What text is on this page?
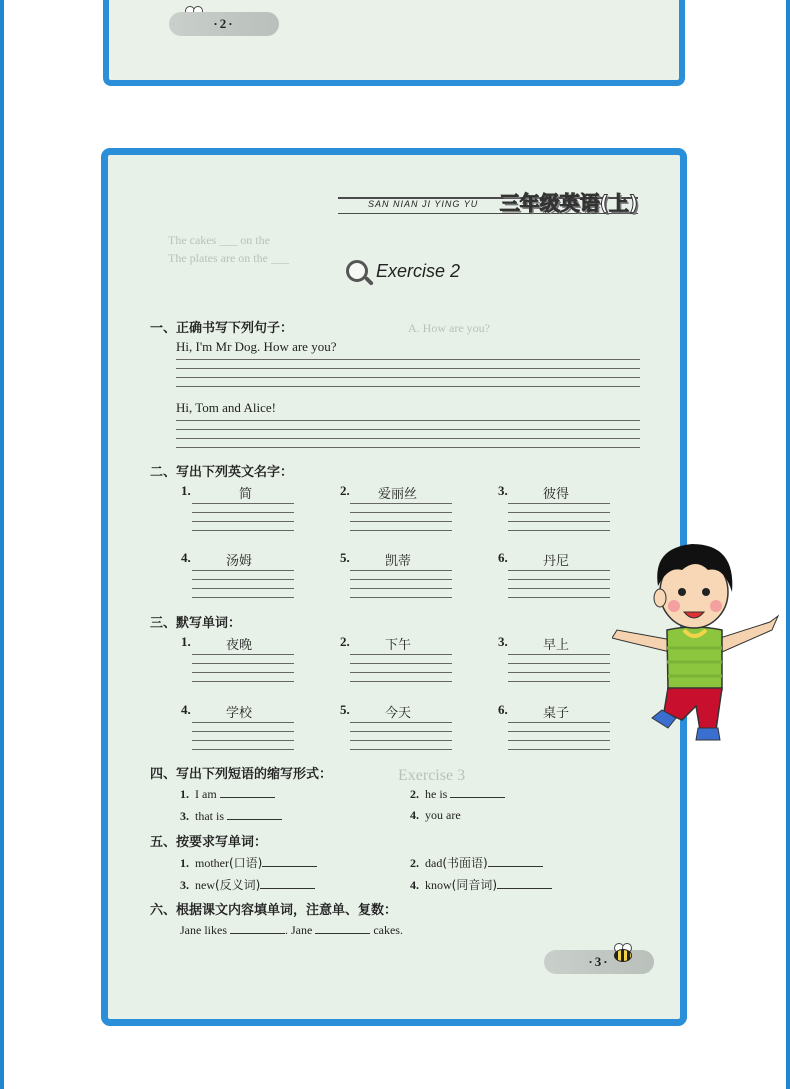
·2·
The cakes ___ on the
The plates are on the ___
A. How are you?
Exercise 3
SAN NIAN JI YING YU	三年级英语(上)
Exercise 2
一、正确书写下列句子：
Hi, I'm Mr Dog. How are you?
Hi, Tom and Alice!
二、写出下列英文名字：
1.	简	2. 爱丽丝	3.	彼得
4.	汤姆	5.	凯蒂	6.	丹尼
三、默写单词：
1.	夜晚	2.	下午	3.	早上
4.	学校	5.	今天	6.	桌子
四、写出下列短语的缩写形式：
1. I am	2. he is
3. that is	4. you are
五、按要求写单词：
1. mother(口语)	2. dad(书面语)
3. new(反义词)	4. know(同音词)
六、根据课文内容填单词，注意单、复数：
Jane likes	. Jane	cakes.
·3·
